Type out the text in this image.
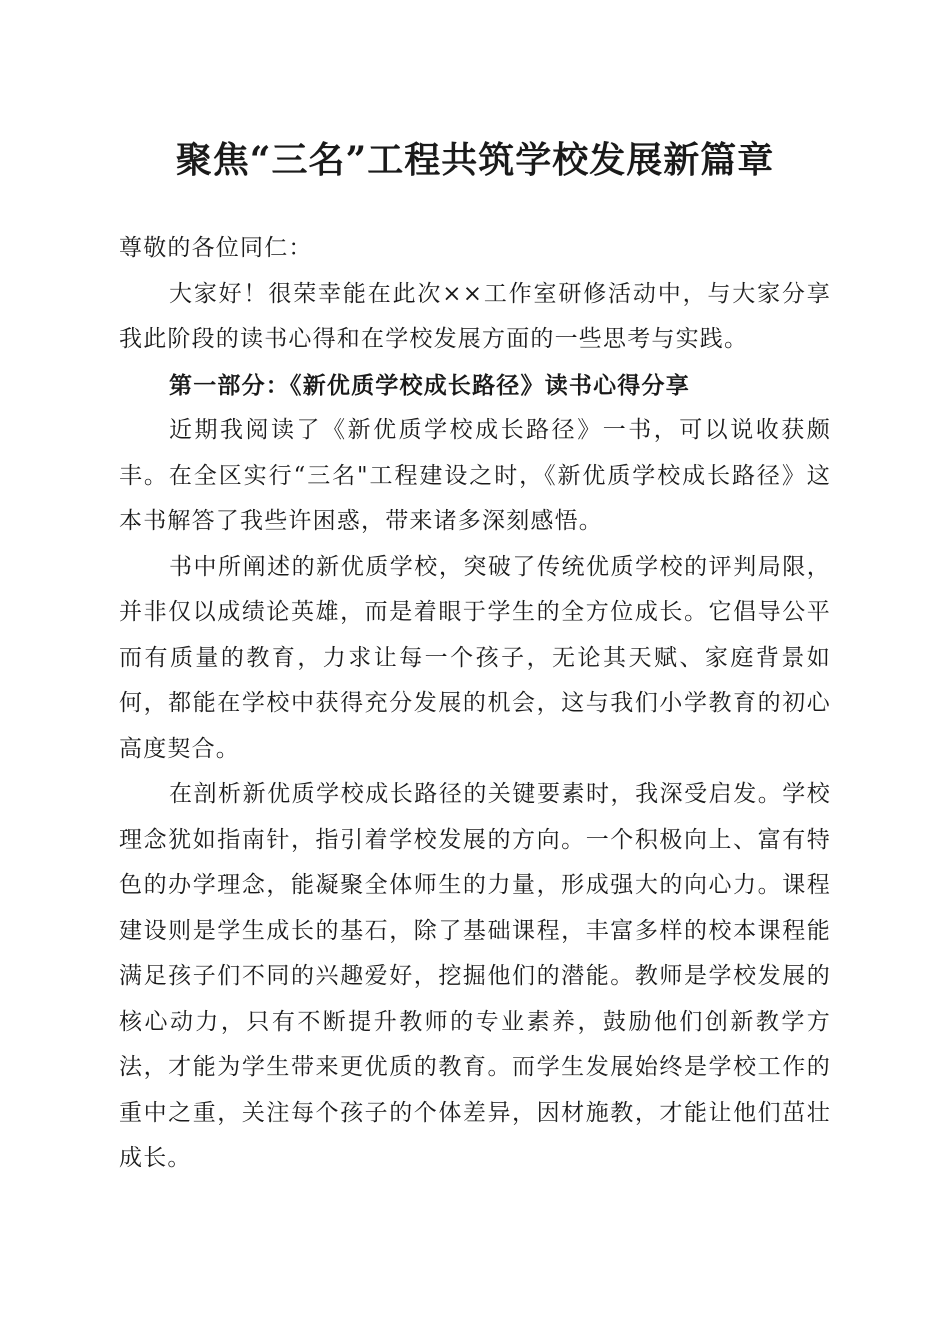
聚焦“三名”工程共筑学校发展新篇章

尊敬的各位同仁：

大家好！很荣幸能在此次××工作室研修活动中，与大家分享我此阶段的读书心得和在学校发展方面的一些思考与实践。

第一部分：《新优质学校成长路径》读书心得分享

近期我阅读了《新优质学校成长路径》一书，可以说收获颇丰。在全区实行“三名"工程建设之时，《新优质学校成长路径》这本书解答了我些许困惑，带来诸多深刻感悟。

书中所阐述的新优质学校，突破了传统优质学校的评判局限，并非仅以成绩论英雄，而是着眼于学生的全方位成长。它倡导公平而有质量的教育，力求让每一个孩子，无论其天赋、家庭背景如何，都能在学校中获得充分发展的机会，这与我们小学教育的初心高度契合。

在剖析新优质学校成长路径的关键要素时，我深受启发。学校理念犹如指南针，指引着学校发展的方向。一个积极向上、富有特色的办学理念，能凝聚全体师生的力量，形成强大的向心力。课程建设则是学生成长的基石，除了基础课程，丰富多样的校本课程能满足孩子们不同的兴趣爱好，挖掘他们的潜能。教师是学校发展的核心动力，只有不断提升教师的专业素养，鼓励他们创新教学方法，才能为学生带来更优质的教育。而学生发展始终是学校工作的重中之重，关注每个孩子的个体差异，因材施教，才能让他们茁壮成长。
